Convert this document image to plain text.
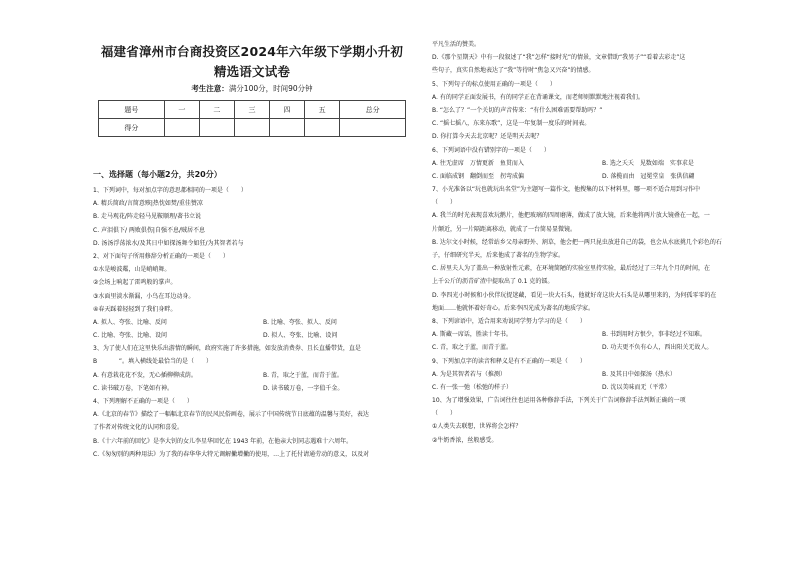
福建省漳州市台商投资区2024年六年级下学期小升初精选语文试卷
考生注意：满分100分，时间90分钟
题号	一	二	三	四	五	总分
得分						
一、选择题（每小题2分，共20分）
1、下列词中，每对加点字的意思都相同的一项是（　　）
A. 精兵简政/言简意赅|热忱如焚/重佳赞凉
B. 走马观花/阵走轻马见鞍顺理/著书立说
C. 声泪俱下/ 两败俱伤|自强不息/贼居不息
D. 汤汤浮荡浓水/及其日中如探汤舞令如狂/为其智者若与
2、对下面句子所用修辞分析正确的一项是（　　）
①水是峻波粼，山是峭峭舞。
②会场上响起了雷鸣般的掌声。
③水面里淡水渐漏，小鸟在耳边动身。
④春天踩着轻轻到了我们身畔。
A. 拟人、夸张、比喻、反问	B. 比喻、夸张、拟人、反问
C. 比喻、夸张、比喻、设问	D. 拟人、夸张、比喻、设问
3、为了使人们在这里快乐出游情的瞬间，政府实施了许多措施，如发放消费券、且长直播带货，直是
B 　　　 ”。填入横线处最恰当的是（　　）
A. 有意栽花花不发，无心插柳柳成荫。	B. 青，取之于蓝，而青于蓝。
C. 读书破万卷，下笔如有神。	D. 读书破万卷，一字值千金。
4、下列理解不正确的一项是（　　）
A.《北京的春节》描绘了一幅幅北京春节的民风民俗画卷，展示了中国传统节日底蕴的温馨与美好，表达
了作者对传统文化的认同和喜爱。
B.《十六年前的回忆》是李大钊的女儿李星华回忆在 1943 年前，在他亲大钊同志遇难十六周年。
C.《匆匆别的两种用法》为了我的春华华大特元调解撇增撇的使用，…上了托付请通劳动的意义，以及对
平凡生活的赞美。
D.《那个星期天》中有一段叙述了“我”怎样“接时光”的情景，文章借助“我男子”“看着去彩走”这
些句子，真实自然地表达了“我”等待时“焦急又兴奋”的情感。
5、下列句子的标点使用正确的一项是（　　）
A. 有的同学正面发展书，有的同学正在背诵课文，而老师则默默地注视着我们。
B. “怎么了？”一个关切的声音传来：“有什么困难需要帮助吗？”
C. “摇七摇八，东来东歌”，这是一年复制一度乐的时间表。
D. 你打算今天去北京呢？还是明天去呢？
6、下列词语中没有错别字的一项是（　　）
A. 往无虚席　万情更新　鱼贯而入	B. 选之夭夭　见数如端　实事求是
C. 面临成钢　翻倒而至　拐弯成偏	D. 落揽而由　冠冕堂皇　张供信翩
7、小光准备以“玩也就玩出名堂”为主题写一篇作文，他搜集的以下材料里，哪一项不适合用到习作中
（　　）
A. 我兰的时光表现喜欢玩鹅片，他把玻璃的四周磨薄，做成了放大镜，后来他将两片放大镜叠在一起，一
片颠近，另一片隔距离移动，就成了一台简易显微镜。
B. 达尔文小时候，经常站乡父母亲野外、割草，他会把一两只昆虫放进自己的袋，也会从水底挑几个彩色的石
子，仔细研究半天，后来他成了著名的生物学家。
C. 居里夫人为了盖出一种放射性元素，在环境简陋的实验室里持实验，最后经过了三年九个月的时间，在
上千公斤的沥青矿渣中提取出了 0.1 克的镭。
D. 李四光小时候和小伙伴玩捉迷藏，看见一块大石头，他就好奇这块大石头是从哪里来的，为何孤零零的在
地面……他就怀着好奇心。后来李四光成为著名的地质学家。
8、下列谚语中，适合用来劝说同学努力学习的是（　　）
A. 斯藏一席话，胜读十年书。	B. 书到用时方恨少，事非经过不知难。
C. 青，取之于蓝，而青于蓝。	D. 功夫更不负有心人，西出阳关无故人。
9、下列加点字的读音和释义是有不正确的一项是（　　）
A. 为是其智者若与（推测）	B. 及其日中如探汤（热水）
C. 有一张一弛（松弛的样子）	D. 沈以美味而无（平常）
10、为了增强效果，广告词往往也运用各种修辞手法，下列关于广告词修辞手法判断正确的一项
（　　）
①人类失去联想，世界将会怎样？
②牛奶香浓，丝般感受。
